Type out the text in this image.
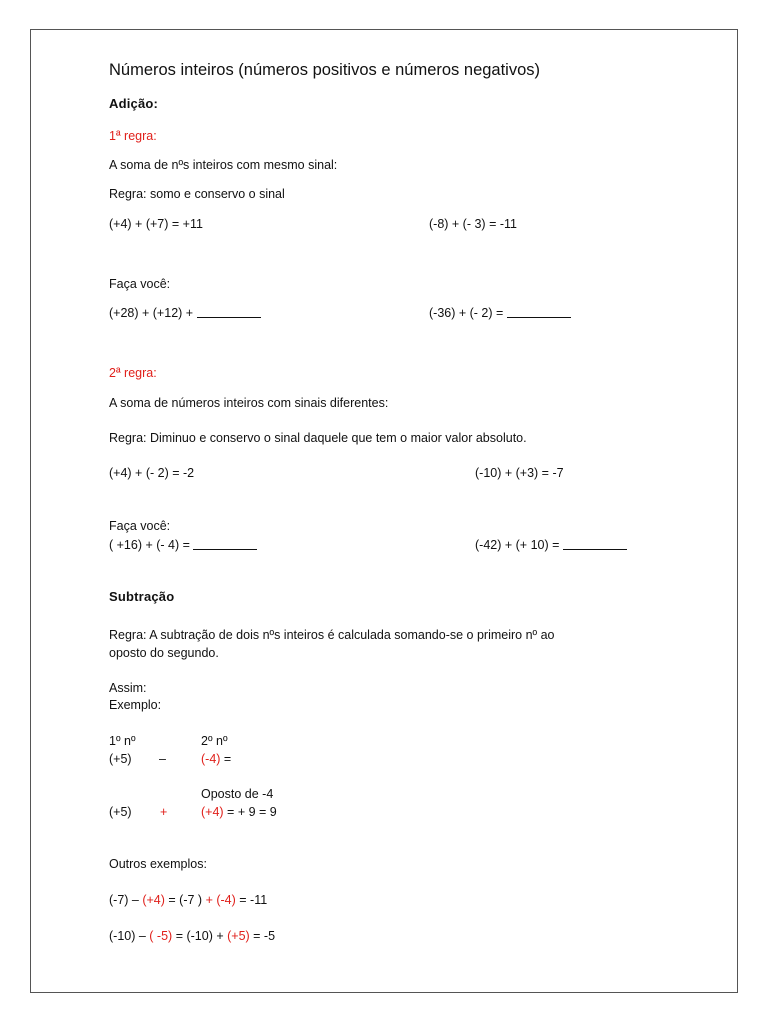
Números inteiros (números positivos e números negativos)
Adição:
1ª regra:
A soma de nºs inteiros com mesmo sinal:
Regra: somo e conservo o sinal
(+4) + (+7) = +11	(-8) + (- 3) = -11
Faça você:
(+28) + (+12) +	(-36) + (- 2) =
2ª regra:
A soma de números inteiros com sinais diferentes:
Regra: Diminuo e conservo o sinal daquele que tem o maior valor absoluto.
(+4) + (- 2) = -2	(-10) + (+3) = -7
Faça você:
( +16) + (- 4) =	(-42) + (+ 10) =
Subtração
Regra: A subtração de dois nºs inteiros é calculada somando-se o primeiro nº ao
oposto do segundo.
Assim:
Exemplo:
1º nº	2º nº
(+5) –	(-4) =
Oposto de -4
(+5) +	(+4) = + 9 = 9
Outros exemplos:
(-7) – (+4) = (-7 ) + (-4) = -11
(-10) – ( -5) = (-10) + (+5) = -5
